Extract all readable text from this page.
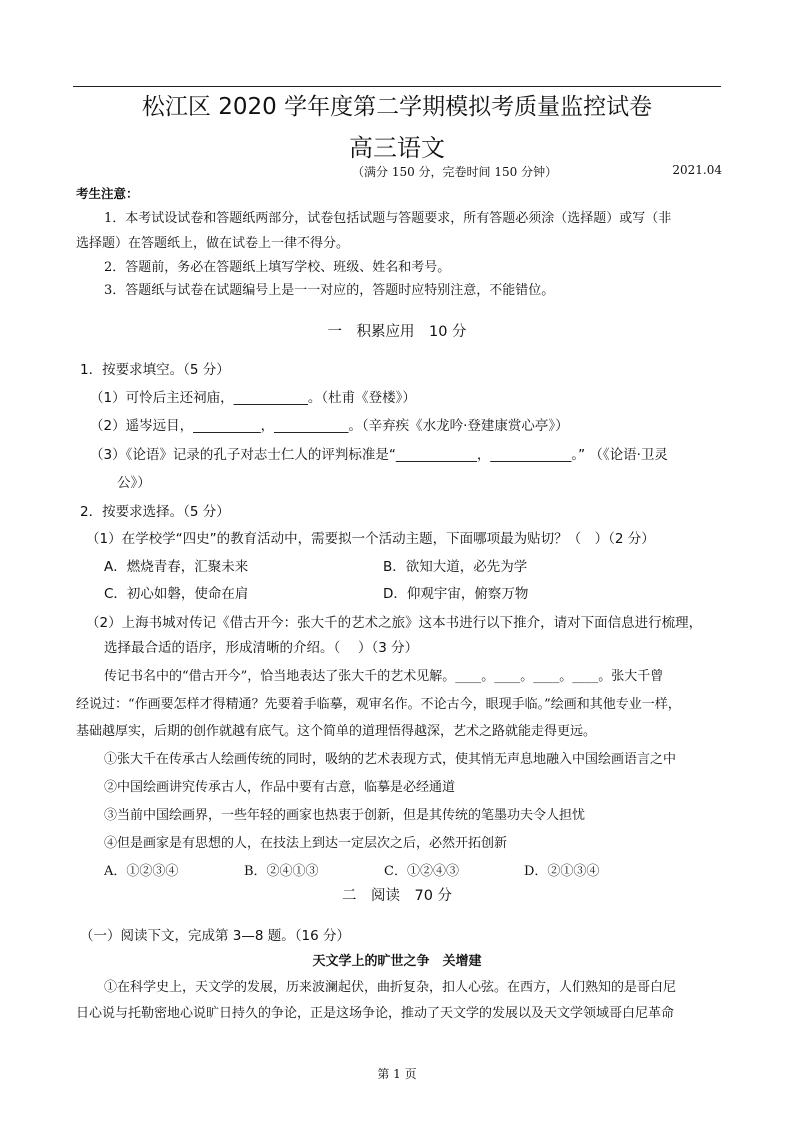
松江区 2020 学年度第二学期模拟考质量监控试卷
高三语文
（满分 150 分，完卷时间 150 分钟）	2021.04
考生注意：
1．本考试设试卷和答题纸两部分，试卷包括试题与答题要求，所有答题必须涂（选择题）或写（非
选择题）在答题纸上，做在试卷上一律不得分。
2．答题前，务必在答题纸上填写学校、班级、姓名和考号。
3．答题纸与试卷在试题编号上是一一对应的，答题时应特别注意，不能错位。
一　积累应用　10 分
1．按要求填空。（5 分）
（1）可怜后主还祠庙，___________。（杜甫《登楼》）
（2）遥岑远目，__________，___________。（辛弃疾《水龙吟·登建康赏心亭》）
（3）《论语》记录的孔子对志士仁人的评判标准是“____________，____________。” （《论语·卫灵
公》）
2．按要求选择。（5 分）
（1）在学校学“四史”的教育活动中，需要拟一个活动主题，下面哪项最为贴切？（　）（2 分）
A．燃烧青春，汇聚未来	B．欲知大道，必先为学
C．初心如磐，使命在肩	D．仰观宇宙，俯察万物
（2）上海书城对传记《借古开今：张大千的艺术之旅》这本书进行以下推介，请对下面信息进行梳理，
选择最合适的语序，形成清晰的介绍。（　 ）（3 分）
传记书名中的“借古开今”，恰当地表达了张大千的艺术见解。____。____。____。____。张大千曾
经说过：“作画要怎样才得精通？先要着手临摹，观审名作。不论古今，眼现手临。”绘画和其他专业一样，
基础越厚实，后期的创作就越有底气。这个简单的道理悟得越深，艺术之路就能走得更远。
①张大千在传承古人绘画传统的同时，吸纳的艺术表现方式，使其悄无声息地融入中国绘画语言之中
②中国绘画讲究传承古人，作品中要有古意，临摹是必经通道
③当前中国绘画界，一些年轻的画家也热衷于创新，但是其传统的笔墨功夫令人担忧
④但是画家是有思想的人，在技法上到达一定层次之后，必然开拓创新
A．①②③④	B．②④①③	C．①②④③	D．②①③④
二　阅读　70 分
（一）阅读下文，完成第 3—8 题。（16 分）
天文学上的旷世之争　关增建
①在科学史上，天文学的发展，历来波澜起伏，曲折复杂，扣人心弦。在西方，人们熟知的是哥白尼
日心说与托勒密地心说旷日持久的争论，正是这场争论，推动了天文学的发展以及天文学领域哥白尼革命
第 1 页
